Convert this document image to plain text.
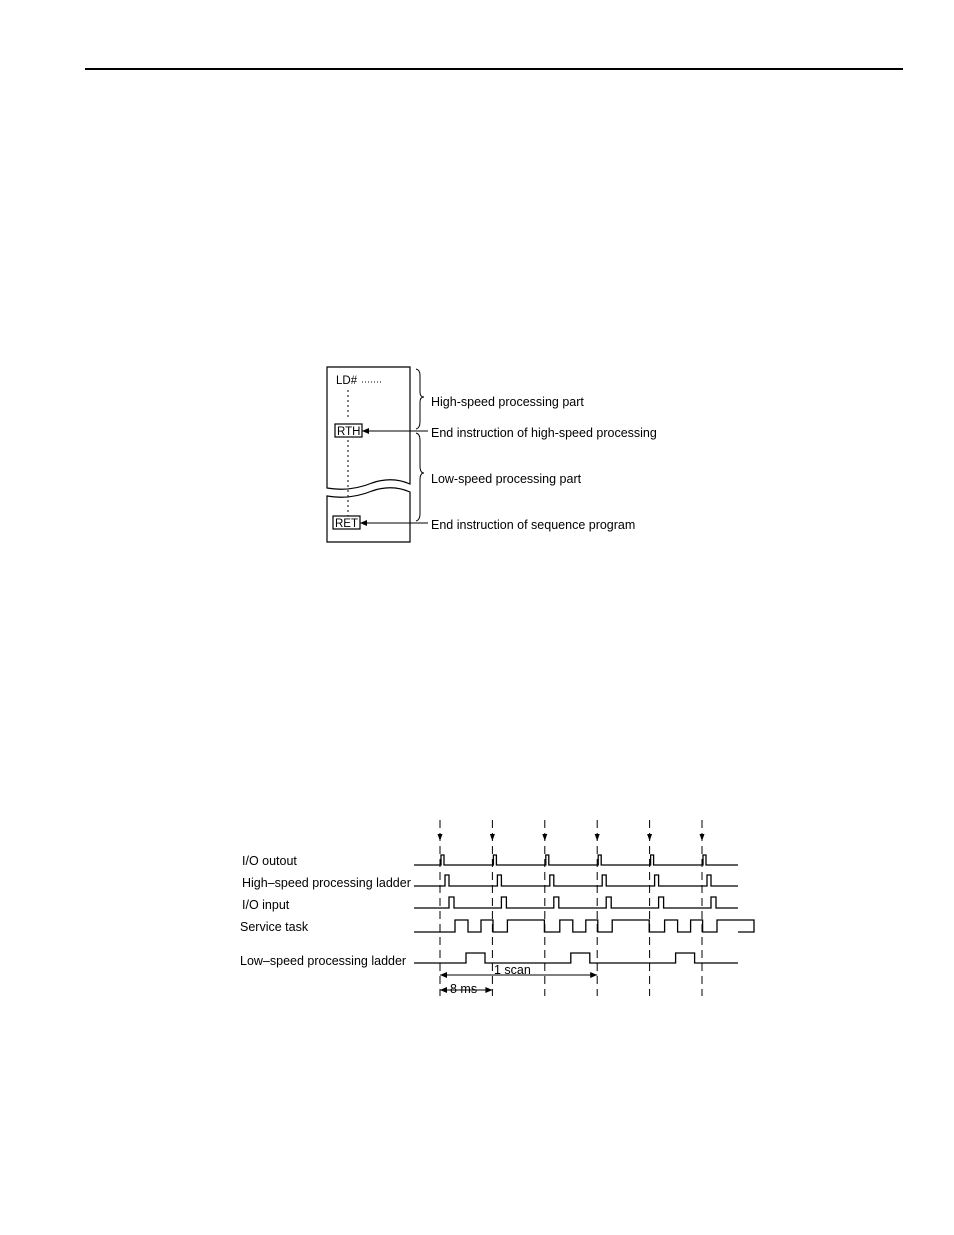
LD#
RTH
RET
High-speed processing part
End instruction of high-speed processing
Low-speed processing part
End instruction of sequence program
I/O outout
High–speed processing ladder
I/O input
Service task
Low–speed processing ladder
1 scan
8 ms
